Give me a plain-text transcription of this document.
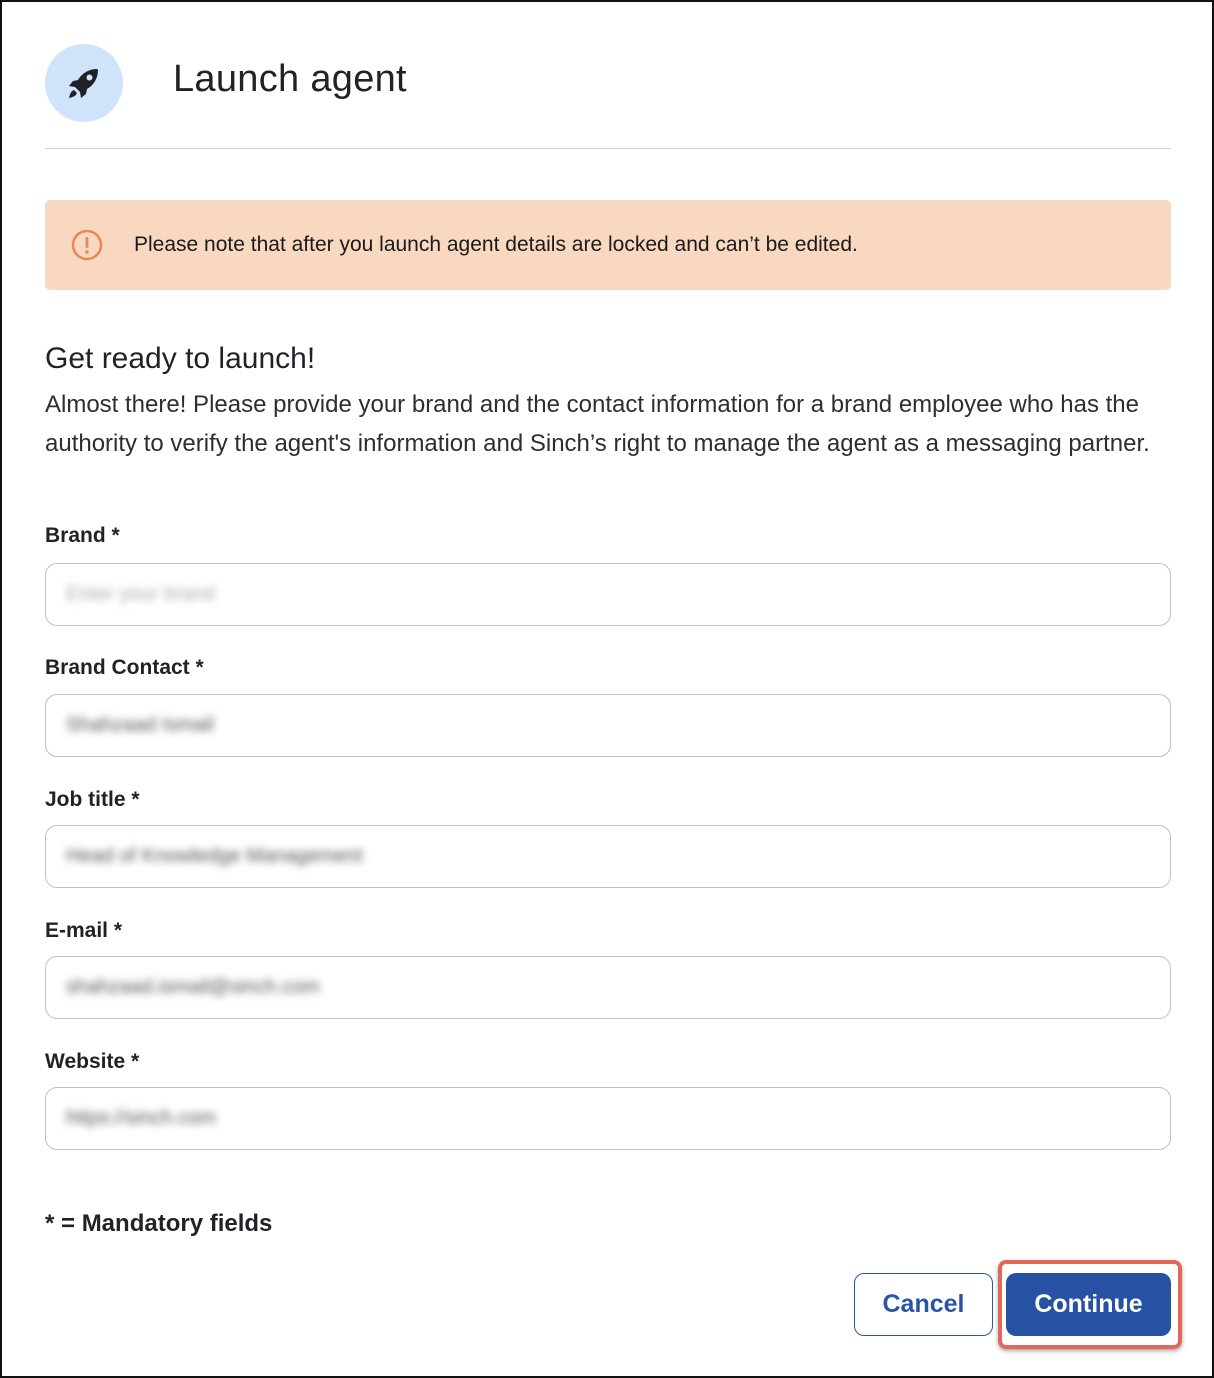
Launch agent
Please note that after you launch agent details are locked and can’t be edited.
Get ready to launch!
Almost there! Please provide your brand and the contact information for a brand employee who has the authority to verify the agent's information and Sinch’s right to manage the agent as a messaging partner.
Brand *
Enter your brand
Brand Contact *
Shahzaad Ismail
Job title *
Head of Knowledge Management
E-mail *
shahzaad.ismail@sinch.com
Website *
https://sinch.com
* = Mandatory fields
Cancel	Continue
